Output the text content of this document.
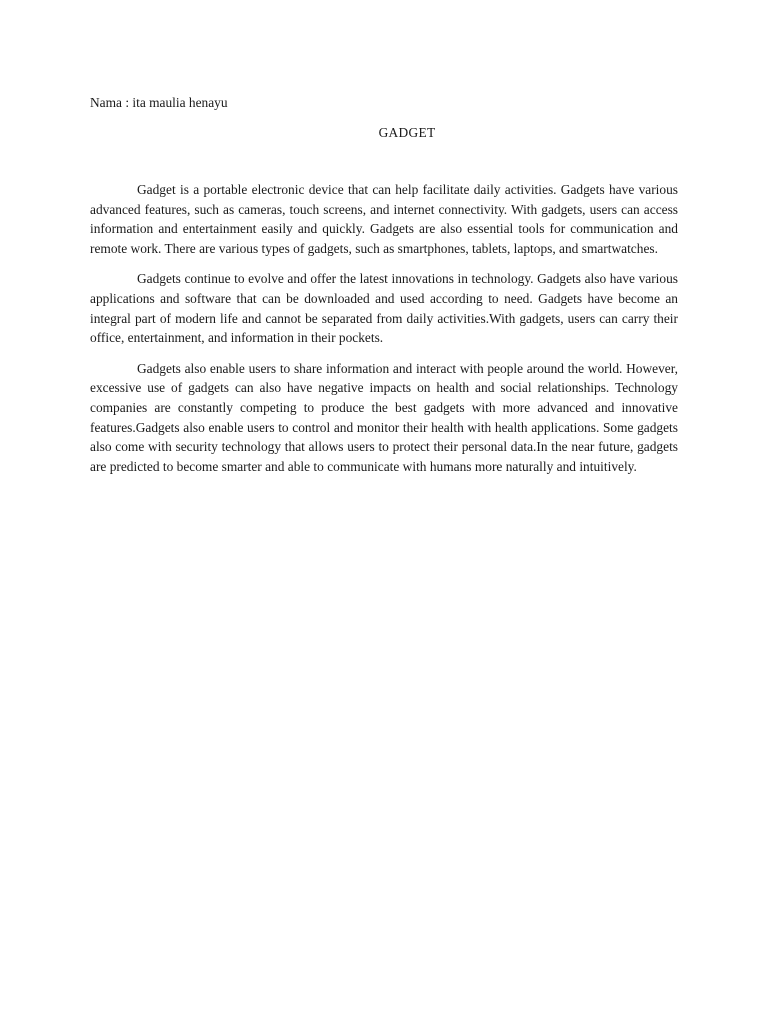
Nama : ita maulia henayu

GADGET

Gadget is a portable electronic device that can help facilitate daily activities. Gadgets have various advanced features, such as cameras, touch screens, and internet connectivity. With gadgets, users can access information and entertainment easily and quickly. Gadgets are also essential tools for communication and remote work. There are various types of gadgets, such as smartphones, tablets, laptops, and smartwatches.

Gadgets continue to evolve and offer the latest innovations in technology. Gadgets also have various applications and software that can be downloaded and used according to need. Gadgets have become an integral part of modern life and cannot be separated from daily activities.With gadgets, users can carry their office, entertainment, and information in their pockets.

Gadgets also enable users to share information and interact with people around the world. However, excessive use of gadgets can also have negative impacts on health and social relationships. Technology companies are constantly competing to produce the best gadgets with more advanced and innovative features.Gadgets also enable users to control and monitor their health with health applications. Some gadgets also come with security technology that allows users to protect their personal data.In the near future, gadgets are predicted to become smarter and able to communicate with humans more naturally and intuitively.
